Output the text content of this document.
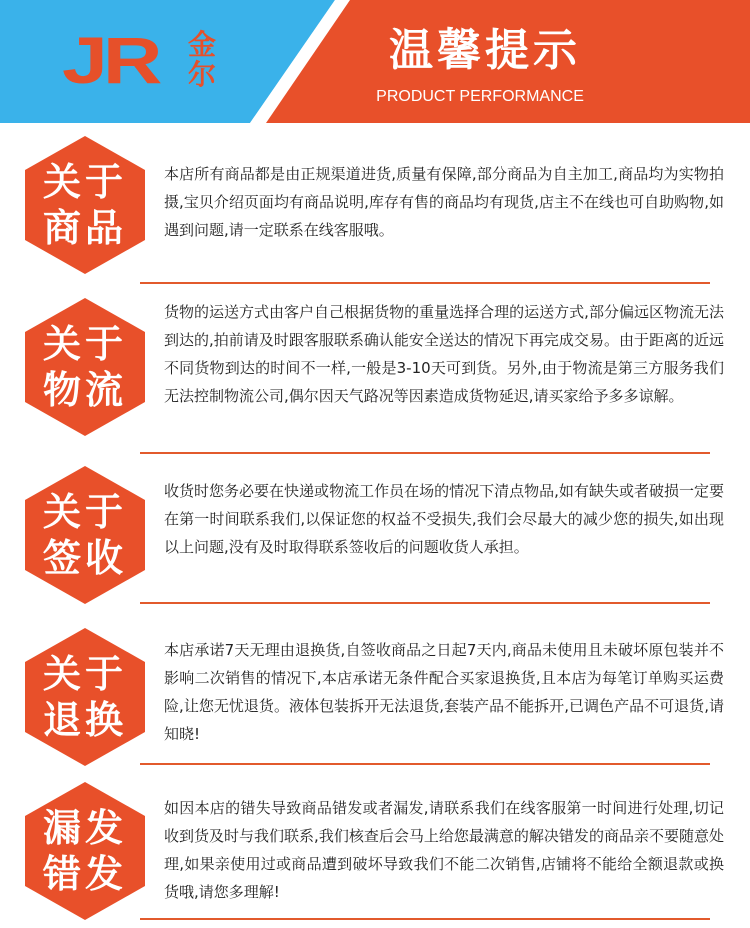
JR 金尔	温馨提示
PRODUCT PERFORMANCE
关于
商品
本店所有商品都是由正规渠道进货,质量有保障,部分商品为自主加工,商品均为实物拍摄,宝贝介绍页面均有商品说明,库存有售的商品均有现货,店主不在线也可自助购物,如遇到问题,请一定联系在线客服哦。
关于
物流
货物的运送方式由客户自己根据货物的重量选择合理的运送方式,部分偏远区物流无法到达的,拍前请及时跟客服联系确认能安全送达的情况下再完成交易。由于距离的近远不同货物到达的时间不一样,一般是3-10天可到货。另外,由于物流是第三方服务我们无法控制物流公司,偶尔因天气路况等因素造成货物延迟,请买家给予多多谅解。
关于
签收
收货时您务必要在快递或物流工作员在场的情况下清点物品,如有缺失或者破损一定要在第一时间联系我们,以保证您的权益不受损失,我们会尽最大的减少您的损失,如出现以上问题,没有及时取得联系签收后的问题收货人承担。
关于
退换
本店承诺7天无理由退换货,自签收商品之日起7天内,商品未使用且未破坏原包装并不影响二次销售的情况下,本店承诺无条件配合买家退换货,且本店为每笔订单购买运费险,让您无忧退货。液体包装拆开无法退货,套装产品不能拆开,已调色产品不可退货,请知晓!
漏发
错发
如因本店的错失导致商品错发或者漏发,请联系我们在线客服第一时间进行处理,切记收到货及时与我们联系,我们核查后会马上给您最满意的解决错发的商品亲不要随意处理,如果亲使用过或商品遭到破坏导致我们不能二次销售,店铺将不能给全额退款或换货哦,请您多理解!
